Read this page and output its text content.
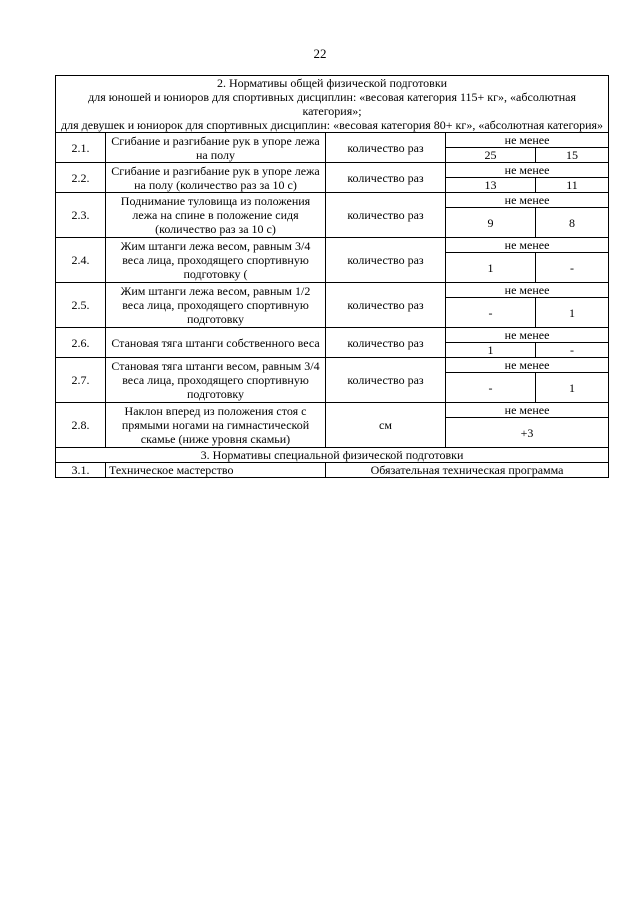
22
2. Нормативы общей физической подготовки
для юношей и юниоров для спортивных дисциплин: «весовая категория 115+ кг», «абсолютная категория»;
для девушек и юниорок для спортивных дисциплин: «весовая категория 80+ кг», «абсолютная категория»				

2.1.	Сгибание и разгибание рук в упоре лежа на полу	количество раз	не менее	
			25	15
2.2.	Сгибание и разгибание рук в упоре лежа на полу (количество раз за 10 с)	количество раз	не менее	
			13	11
2.3.	Поднимание туловища из положения лежа на спине в положение сидя (количество раз за 10 с)	количество раз	не менее	
			9	8
2.4.	Жим штанги лежа весом, равным 3/4 веса лица, проходящего спортивную подготовку (	количество раз	не менее	
			1	-
2.5.	Жим штанги лежа весом, равным 1/2 веса лица, проходящего спортивную подготовку	количество раз	не менее	
			-	1
2.6.	Становая тяга штанги собственного веса	количество раз	не менее	
			1	-
2.7.	Становая тяга штанги весом, равным 3/4 веса лица, проходящего спортивную подготовку	количество раз	не менее	
			-	1
2.8.	Наклон вперед из положения стоя с прямыми ногами на гимнастической скамье (ниже уровня скамьи)	см	не менее	
			+3	
3. Нормативы специальной физической подготовки				
3.1.	Техническое мастерство	Обязательная техническая программа		
